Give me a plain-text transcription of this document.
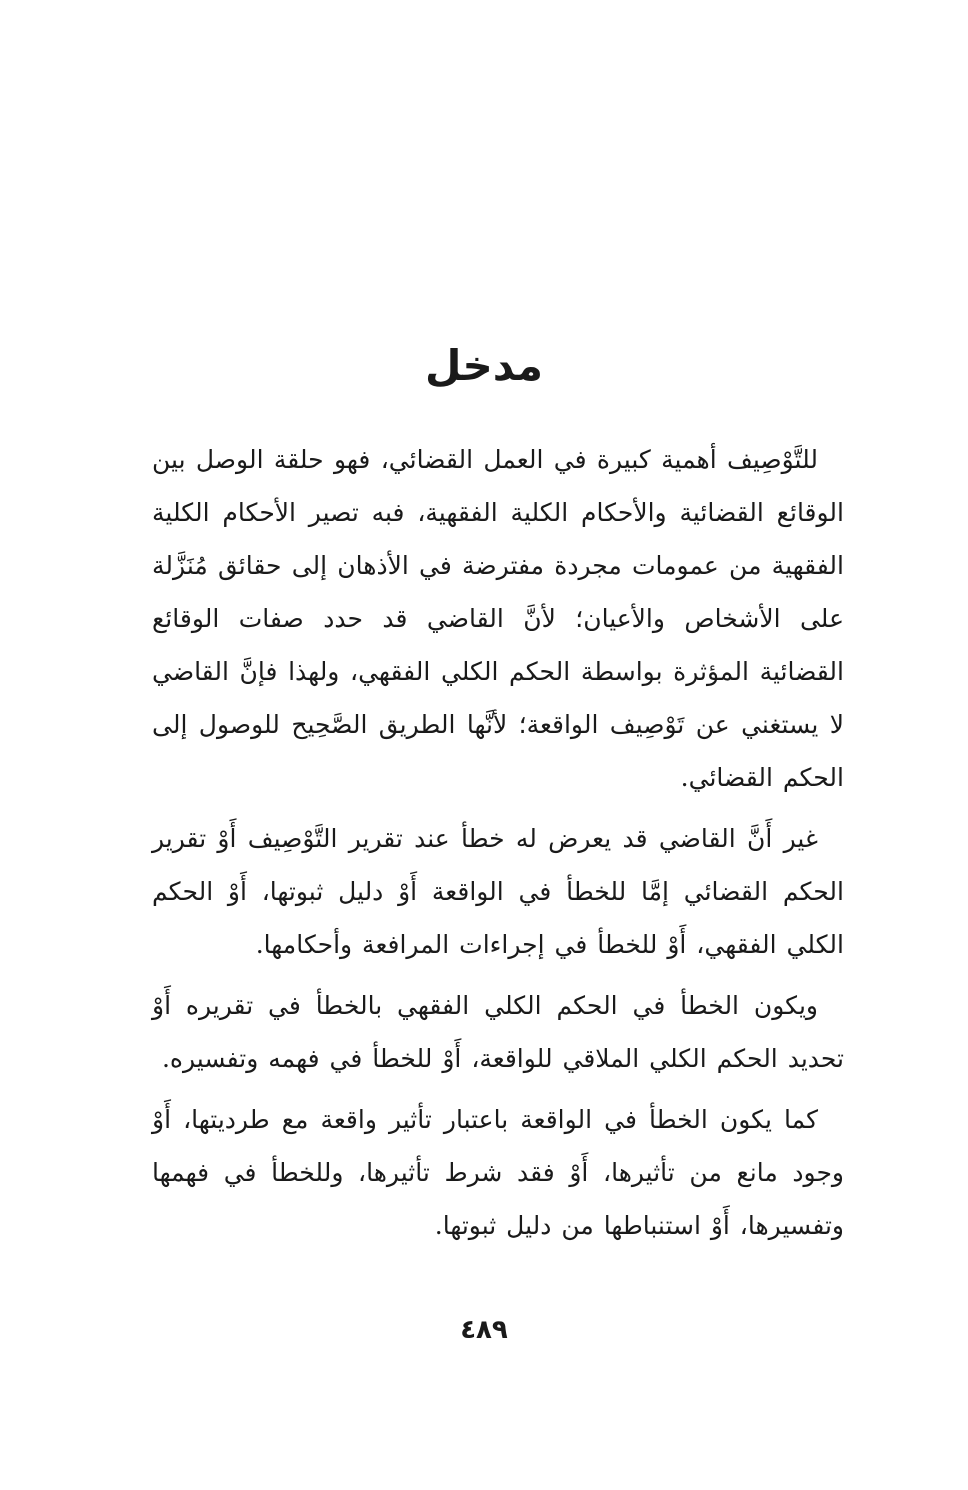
مدخل

للتَّوْصِيف أهمية كبيرة في العمل القضائي، فهو حلقة الوصل بين الوقائع القضائية والأحكام الكلية الفقهية، فبه تصير الأحكام الكلية الفقهية من عمومات مجردة مفترضة في الأذهان إلى حقائق مُنَزَّلة على الأشخاص والأعيان؛ لأنَّ القاضي قد حدد صفات الوقائع القضائية المؤثرة بواسطة الحكم الكلي الفقهي، ولهذا فإنَّ القاضي لا يستغني عن تَوْصِيف الواقعة؛ لأنَّها الطريق الصَّحِيح للوصول إلى الحكم القضائي.

غير أَنَّ القاضي قد يعرض له خطأ عند تقرير التَّوْصِيف أَوْ تقرير الحكم القضائي إمَّا للخطأ في الواقعة أَوْ دليل ثبوتها، أَوْ الحكم الكلي الفقهي، أَوْ للخطأ في إجراءات المرافعة وأحكامها.

ويكون الخطأ في الحكم الكلي الفقهي بالخطأ في تقريره أَوْ تحديد الحكم الكلي الملاقي للواقعة، أَوْ للخطأ في فهمه وتفسيره.

كما يكون الخطأ في الواقعة باعتبار تأثير واقعة مع طرديتها، أَوْ وجود مانع من تأثيرها، أَوْ فقد شرط تأثيرها، وللخطأ في فهمها وتفسيرها، أَوْ استنباطها من دليل ثبوتها.

٤٨٩
